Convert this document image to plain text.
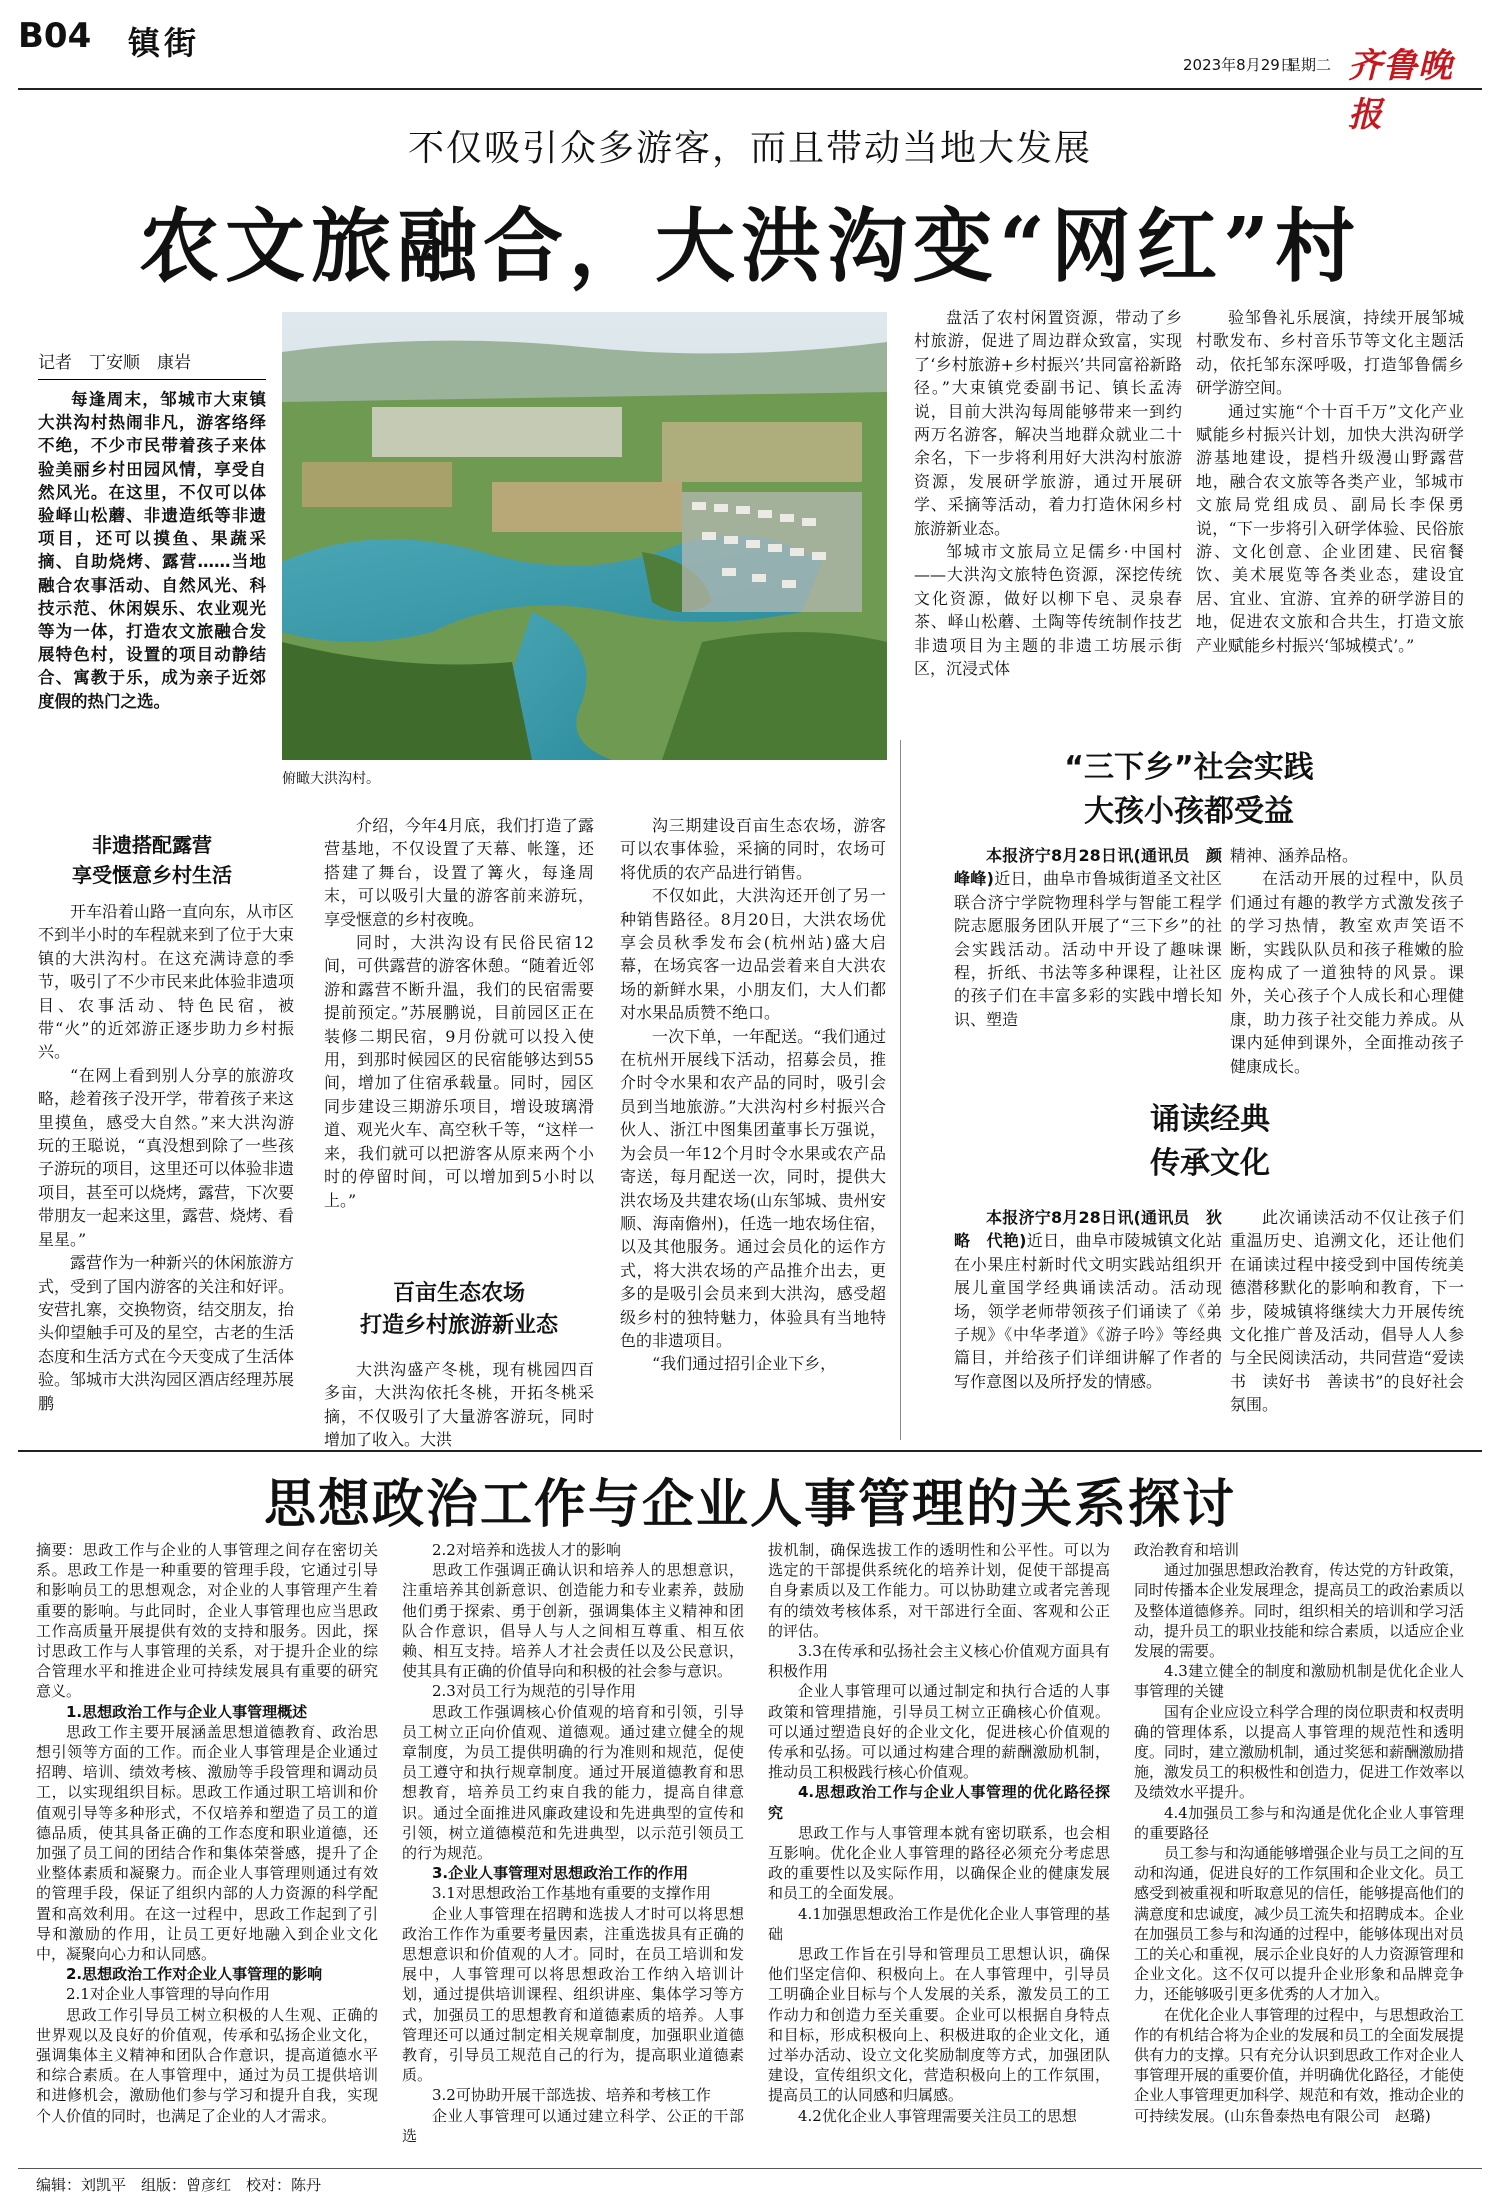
B04 镇街
2023年8月29日
星期二 齐鲁晚报
不仅吸引众多游客，而且带动当地大发展
农文旅融合，大洪沟变“网红”村
记者　丁安顺　康岩

每逢周末，邹城市大束镇大洪沟村热闹非凡，游客络绎不绝，不少市民带着孩子来体验美丽乡村田园风情，享受自然风光。在这里，不仅可以体验峄山松蘑、非遗造纸等非遗项目，还可以摸鱼、果蔬采摘、自助烧烤、露营……当地融合农事活动、自然风光、科技示范、休闲娱乐、农业观光等为一体，打造农文旅融合发展特色村，设置的项目动静结合、寓教于乐，成为亲子近郊度假的热门之选。

俯瞰大洪沟村。

盘活了农村闲置资源，带动了乡村旅游，促进了周边群众致富，实现了‘乡村旅游+乡村振兴’共同富裕新路径。”大束镇党委副书记、镇长孟涛说，目前大洪沟每周能够带来一到约两万名游客，解决当地群众就业二十余名，下一步将利用好大洪沟村旅游资源，发展研学旅游，通过开展研学、采摘等活动，着力打造休闲乡村旅游新业态。

邹城市文旅局立足儒乡·中国村——大洪沟文旅特色资源，深挖传统文化资源，做好以柳下皂、灵泉春茶、峄山松蘑、土陶等传统制作技艺非遗项目为主题的非遗工坊展示街区，沉浸式体

验邹鲁礼乐展演，持续开展邹城村歌发布、乡村音乐节等文化主题活动，依托邹东深呼吸，打造邹鲁儒乡研学游空间。

通过实施“个十百千万”文化产业赋能乡村振兴计划，加快大洪沟研学游基地建设，提档升级漫山野露营地，融合农文旅等各类产业，邹城市文旅局党组成员、副局长李保勇说，“下一步将引入研学体验、民俗旅游、文化创意、企业团建、民宿餐饮、美术展览等各类业态，建设宜居、宜业、宜游、宜养的研学游目的地，促进农文旅和合共生，打造文旅产业赋能乡村振兴‘邹城模式’。”

非遗搭配露营
享受惬意乡村生活

开车沿着山路一直向东，从市区不到半小时的车程就来到了位于大束镇的大洪沟村。在这充满诗意的季节，吸引了不少市民来此体验非遗项目、农事活动、特色民宿，被带“火”的近郊游正逐步助力乡村振兴。

“在网上看到别人分享的旅游攻略，趁着孩子没开学，带着孩子来这里摸鱼，感受大自然。”来大洪沟游玩的王聪说，“真没想到除了一些孩子游玩的项目，这里还可以体验非遗项目，甚至可以烧烤，露营，下次要带朋友一起来这里，露营、烧烤、看星星。”

露营作为一种新兴的休闲旅游方式，受到了国内游客的关注和好评。安营扎寨，交换物资，结交朋友，抬头仰望触手可及的星空，古老的生活态度和生活方式在今天变成了生活体验。邹城市大洪沟园区酒店经理苏展鹏

介绍，今年4月底，我们打造了露营基地，不仅设置了天幕、帐篷，还搭建了舞台，设置了篝火，每逢周末，可以吸引大量的游客前来游玩，享受惬意的乡村夜晚。

同时，大洪沟设有民俗民宿12间，可供露营的游客休憩。“随着近邻游和露营不断升温，我们的民宿需要提前预定。”苏展鹏说，目前园区正在装修二期民宿，9月份就可以投入使用，到那时候园区的民宿能够达到55间，增加了住宿承载量。同时，园区同步建设三期游乐项目，增设玻璃滑道、观光火车、高空秋千等，“这样一来，我们就可以把游客从原来两个小时的停留时间，可以增加到5小时以上。”

百亩生态农场
打造乡村旅游新业态

大洪沟盛产冬桃，现有桃园四百多亩，大洪沟依托冬桃，开拓冬桃采摘，不仅吸引了大量游客游玩，同时增加了收入。大洪

沟三期建设百亩生态农场，游客可以农事体验，采摘的同时，农场可将优质的农产品进行销售。

不仅如此，大洪沟还开创了另一种销售路径。8月20日，大洪农场优享会员秋季发布会(杭州站)盛大启幕，在场宾客一边品尝着来自大洪农场的新鲜水果，小朋友们，大人们都对水果品质赞不绝口。

一次下单，一年配送。“我们通过在杭州开展线下活动，招募会员，推介时令水果和农产品的同时，吸引会员到当地旅游。”大洪沟村乡村振兴合伙人、浙江中图集团董事长万强说，为会员一年12个月时令水果或农产品寄送，每月配送一次，同时，提供大洪农场及共建农场(山东邹城、贵州安顺、海南儋州)，任选一地农场住宿，以及其他服务。通过会员化的运作方式，将大洪农场的产品推介出去，更多的是吸引会员来到大洪沟，感受超级乡村的独特魅力，体验具有当地特色的非遗项目。

“我们通过招引企业下乡，

“三下乡”社会实践
大孩小孩都受益

本报济宁8月28日讯(通讯员　颜峰峰)近日，曲阜市鲁城街道圣文社区联合济宁学院物理科学与智能工程学院志愿服务团队开展了“三下乡”的社会实践活动。活动中开设了趣味课程，折纸、书法等多种课程，让社区的孩子们在丰富多彩的实践中增长知识、塑造

精神、涵养品格。

在活动开展的过程中，队员们通过有趣的教学方式激发孩子的学习热情，教室欢声笑语不断，实践队队员和孩子稚嫩的脸庞构成了一道独特的风景。课外，关心孩子个人成长和心理健康，助力孩子社交能力养成。从课内延伸到课外，全面推动孩子健康成长。

诵读经典
传承文化

本报济宁8月28日讯(通讯员　狄略　代艳)近日，曲阜市陵城镇文化站在小果庄村新时代文明实践站组织开展儿童国学经典诵读活动。活动现场，领学老师带领孩子们诵读了《弟子规》《中华孝道》《游子吟》等经典篇目，并给孩子们详细讲解了作者的写作意图以及所抒发的情感。

此次诵读活动不仅让孩子们重温历史、追溯文化，还让他们在诵读过程中接受到中国传统美德潜移默化的影响和教育，下一步，陵城镇将继续大力开展传统文化推广普及活动，倡导人人参与全民阅读活动，共同营造“爱读书　读好书　善读书”的良好社会氛围。

思想政治工作与企业人事管理的关系探讨

摘要：思政工作与企业的人事管理之间存在密切关系。思政工作是一种重要的管理手段，它通过引导和影响员工的思想观念，对企业的人事管理产生着重要的影响。与此同时，企业人事管理也应当思政工作高质量开展提供有效的支持和服务。因此，探讨思政工作与人事管理的关系，对于提升企业的综合管理水平和推进企业可持续发展具有重要的研究意义。

1.思想政治工作与企业人事管理概述

思政工作主要开展涵盖思想道德教育、政治思想引领等方面的工作。而企业人事管理是企业通过招聘、培训、绩效考核、激励等手段管理和调动员工，以实现组织目标。思政工作通过职工培训和价值观引导等多种形式，不仅培养和塑造了员工的道德品质，使其具备正确的工作态度和职业道德，还加强了员工间的团结合作和集体荣誉感，提升了企业整体素质和凝聚力。而企业人事管理则通过有效的管理手段，保证了组织内部的人力资源的科学配置和高效利用。在这一过程中，思政工作起到了引导和激励的作用，让员工更好地融入到企业文化中，凝聚向心力和认同感。

2.思想政治工作对企业人事管理的影响

2.1对企业人事管理的导向作用

思政工作引导员工树立积极的人生观、正确的世界观以及良好的价值观，传承和弘扬企业文化，强调集体主义精神和团队合作意识，提高道德水平和综合素质。在人事管理中，通过为员工提供培训和进修机会，激励他们参与学习和提升自我，实现个人价值的同时，也满足了企业的人才需求。

2.2对培养和选拔人才的影响

思政工作强调正确认识和培养人的思想意识，注重培养其创新意识、创造能力和专业素养，鼓励他们勇于探索、勇于创新，强调集体主义精神和团队合作意识，倡导人与人之间相互尊重、相互依赖、相互支持。培养人才社会责任以及公民意识，使其具有正确的价值导向和积极的社会参与意识。

2.3对员工行为规范的引导作用

思政工作强调核心价值观的培育和引领，引导员工树立正向价值观、道德观。通过建立健全的规章制度，为员工提供明确的行为准则和规范，促使员工遵守和执行规章制度。通过开展道德教育和思想教育，培养员工约束自我的能力，提高自律意识。通过全面推进风廉政建设和先进典型的宣传和引领，树立道德模范和先进典型，以示范引领员工的行为规范。

3.企业人事管理对思想政治工作的作用

3.1对思想政治工作基地有重要的支撑作用

企业人事管理在招聘和选拔人才时可以将思想政治工作作为重要考量因素，注重选拔具有正确的思想意识和价值观的人才。同时，在员工培训和发展中，人事管理可以将思想政治工作纳入培训计划，通过提供培训课程、组织讲座、集体学习等方式，加强员工的思想教育和道德素质的培养。人事管理还可以通过制定相关规章制度，加强职业道德教育，引导员工规范自己的行为，提高职业道德素质。

3.2可协助开展干部选拔、培养和考核工作

企业人事管理可以通过建立科学、公正的干部选

拔机制，确保选拔工作的透明性和公平性。可以为选定的干部提供系统化的培养计划，促使干部提高自身素质以及工作能力。可以协助建立或者完善现有的绩效考核体系，对干部进行全面、客观和公正的评估。

3.3在传承和弘扬社会主义核心价值观方面具有积极作用

企业人事管理可以通过制定和执行合适的人事政策和管理措施，引导员工树立正确核心价值观。可以通过塑造良好的企业文化，促进核心价值观的传承和弘扬。可以通过构建合理的薪酬激励机制，推动员工积极践行核心价值观。

4.思想政治工作与企业人事管理的优化路径探究

思政工作与人事管理本就有密切联系，也会相互影响。优化企业人事管理的路径必须充分考虑思政的重要性以及实际作用，以确保企业的健康发展和员工的全面发展。

4.1加强思想政治工作是优化企业人事管理的基础

思政工作旨在引导和管理员工思想认识，确保他们坚定信仰、积极向上。在人事管理中，引导员工明确企业目标与个人发展的关系，激发员工的工作动力和创造力至关重要。企业可以根据自身特点和目标，形成积极向上、积极进取的企业文化，通过举办活动、设立文化奖励制度等方式，加强团队建设，宣传组织文化，营造积极向上的工作氛围，提高员工的认同感和归属感。

4.2优化企业人事管理需要关注员工的思想

政治教育和培训

通过加强思想政治教育，传达党的方针政策，同时传播本企业发展理念，提高员工的政治素质以及整体道德修养。同时，组织相关的培训和学习活动，提升员工的职业技能和综合素质，以适应企业发展的需要。

4.3建立健全的制度和激励机制是优化企业人事管理的关键

国有企业应设立科学合理的岗位职责和权责明确的管理体系，以提高人事管理的规范性和透明度。同时，建立激励机制，通过奖惩和薪酬激励措施，激发员工的积极性和创造力，促进工作效率以及绩效水平提升。

4.4加强员工参与和沟通是优化企业人事管理的重要路径

员工参与和沟通能够增强企业与员工之间的互动和沟通，促进良好的工作氛围和企业文化。员工感受到被重视和听取意见的信任，能够提高他们的满意度和忠诚度，减少员工流失和招聘成本。企业在加强员工参与和沟通的过程中，能够体现出对员工的关心和重视，展示企业良好的人力资源管理和企业文化。这不仅可以提升企业形象和品牌竞争力，还能够吸引更多优秀的人才加入。

在优化企业人事管理的过程中，与思想政治工作的有机结合将为企业的发展和员工的全面发展提供有力的支撑。只有充分认识到思政工作对企业人事管理开展的重要价值，并明确优化路径，才能使企业人事管理更加科学、规范和有效，推动企业的可持续发展。(山东鲁泰热电有限公司　赵璐)

编辑：刘凯平　组版：曾彦红　校对：陈丹
